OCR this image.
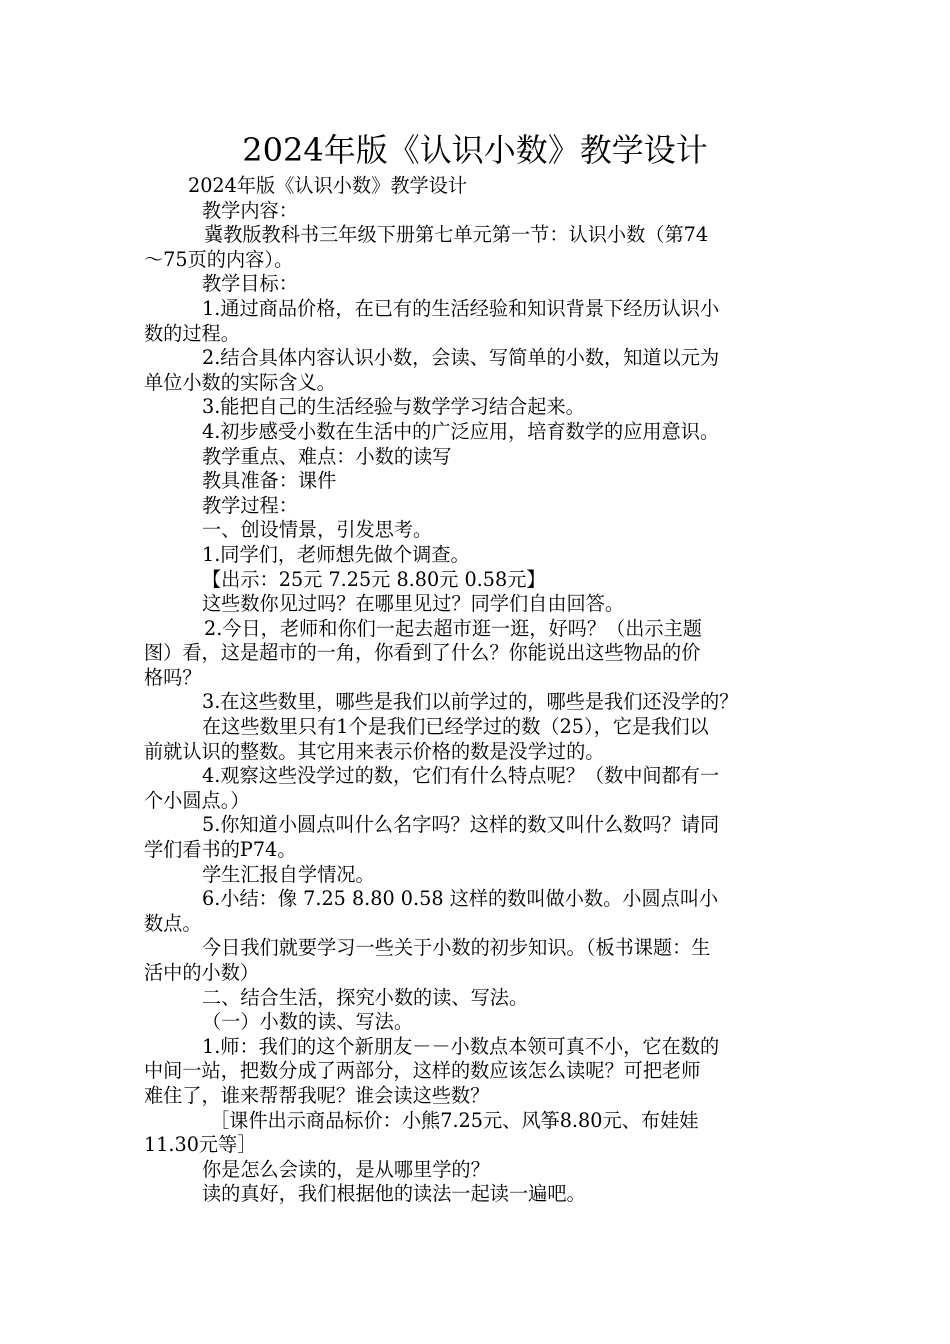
2024年版《认识小数》教学设计
2024年版《认识小数》教学设计
教学内容：
冀教版教科书三年级下册第七单元第一节：认识小数（第74
～75页的内容）。
教学目标：
1.通过商品价格，在已有的生活经验和知识背景下经历认识小
数的过程。
2.结合具体内容认识小数，会读、写简单的小数，知道以元为
单位小数的实际含义。
3.能把自己的生活经验与数学学习结合起来。
4.初步感受小数在生活中的广泛应用，培育数学的应用意识。
教学重点、难点：小数的读写
教具准备：课件
教学过程：
一、创设情景，引发思考。
1.同学们，老师想先做个调查。
【出示：25元 7.25元 8.80元 0.58元】
这些数你见过吗？在哪里见过？同学们自由回答。
2.今日，老师和你们一起去超市逛一逛，好吗？（出示主题
图）看，这是超市的一角，你看到了什么？你能说出这些物品的价
格吗？
3.在这些数里，哪些是我们以前学过的，哪些是我们还没学的？
在这些数里只有1个是我们已经学过的数（25），它是我们以
前就认识的整数。其它用来表示价格的数是没学过的。
4.观察这些没学过的数，它们有什么特点呢？（数中间都有一
个小圆点。）
5.你知道小圆点叫什么名字吗？这样的数又叫什么数吗？请同
学们看书的P74。
学生汇报自学情况。
6.小结：像 7.25 8.80 0.58 这样的数叫做小数。小圆点叫小
数点。
今日我们就要学习一些关于小数的初步知识。（板书课题：生
活中的小数）
二、结合生活，探究小数的读、写法。
（一）小数的读、写法。
1.师：我们的这个新朋友－－小数点本领可真不小，它在数的
中间一站，把数分成了两部分，这样的数应该怎么读呢？可把老师
难住了，谁来帮帮我呢？谁会读这些数？
［课件出示商品标价：小熊7.25元、风筝8.80元、布娃娃
11.30元等］
你是怎么会读的，是从哪里学的？
读的真好，我们根据他的读法一起读一遍吧。
